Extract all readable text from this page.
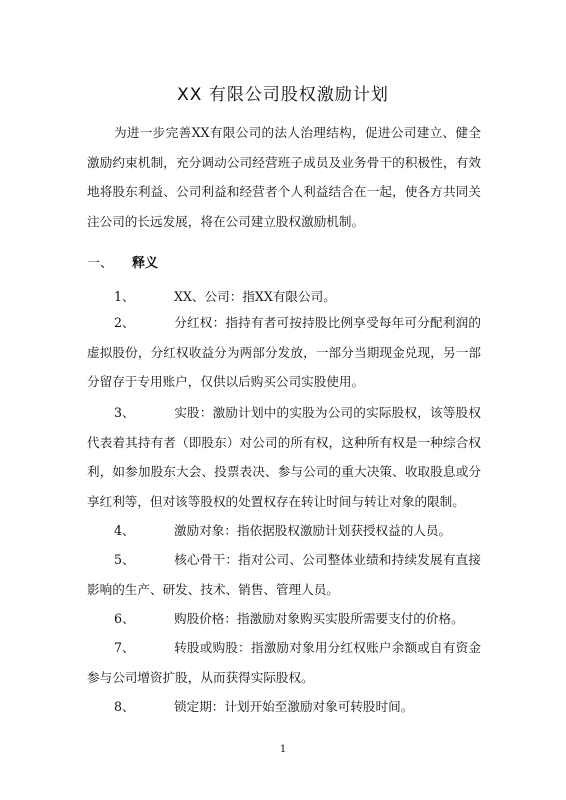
XX 有限公司股权激励计划
为进一步完善XX有限公司的法人治理结构，促进公司建立、健全激励约束机制，充分调动公司经营班子成员及业务骨干的积极性，有效地将股东利益、公司利益和经营者个人利益结合在一起，使各方共同关注公司的长远发展，将在公司建立股权激励机制。
一、 释义
1、	XX、公司：指XX有限公司。
2、	分红权：指持有者可按持股比例享受每年可分配利润的虚拟股份，分红权收益分为两部分发放，一部分当期现金兑现，另一部分留存于专用账户，仅供以后购买公司实股使用。
3、	实股：激励计划中的实股为公司的实际股权，该等股权代表着其持有者（即股东）对公司的所有权，这种所有权是一种综合权利，如参加股东大会、投票表决、参与公司的重大决策、收取股息或分享红利等，但对该等股权的处置权存在转让时间与转让对象的限制。
4、	激励对象：指依据股权激励计划获授权益的人员。
5、	核心骨干：指对公司、公司整体业绩和持续发展有直接影响的生产、研发、技术、销售、管理人员。
6、	购股价格：指激励对象购买实股所需要支付的价格。
7、	转股或购股：指激励对象用分红权账户余额或自有资金参与公司增资扩股，从而获得实际股权。
8、	锁定期：计划开始至激励对象可转股时间。
1
